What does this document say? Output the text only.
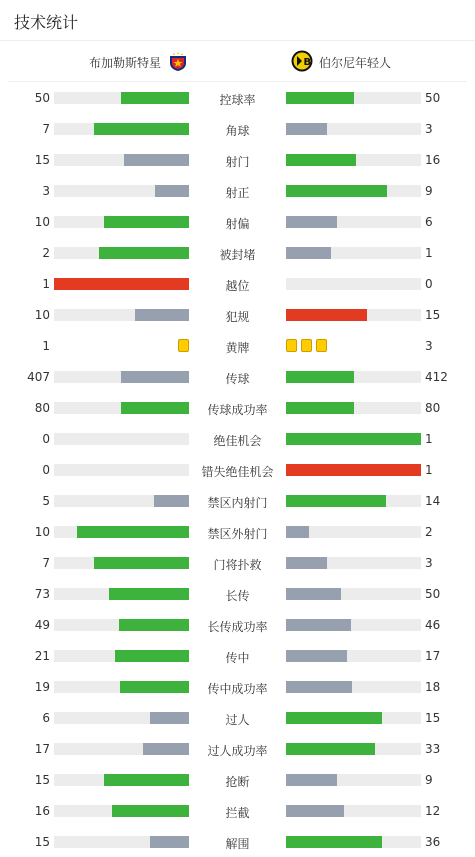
技术统计
布加勒斯特星	B 伯尔尼年轻人
50	控球率	50
7	角球	3
15	射门	16
3	射正	9
10	射偏	6
2	被封堵	1
1	越位	0
10	犯规	15
1	黄牌	3
407	传球	412
80	传球成功率	80
0	绝佳机会	1
0	错失绝佳机会	1
5	禁区内射门	14
10	禁区外射门	2
7	门将扑救	3
73	长传	50
49	长传成功率	46
21	传中	17
19	传中成功率	18
6	过人	15
17	过人成功率	33
15	抢断	9
16	拦截	12
15	解围	36
